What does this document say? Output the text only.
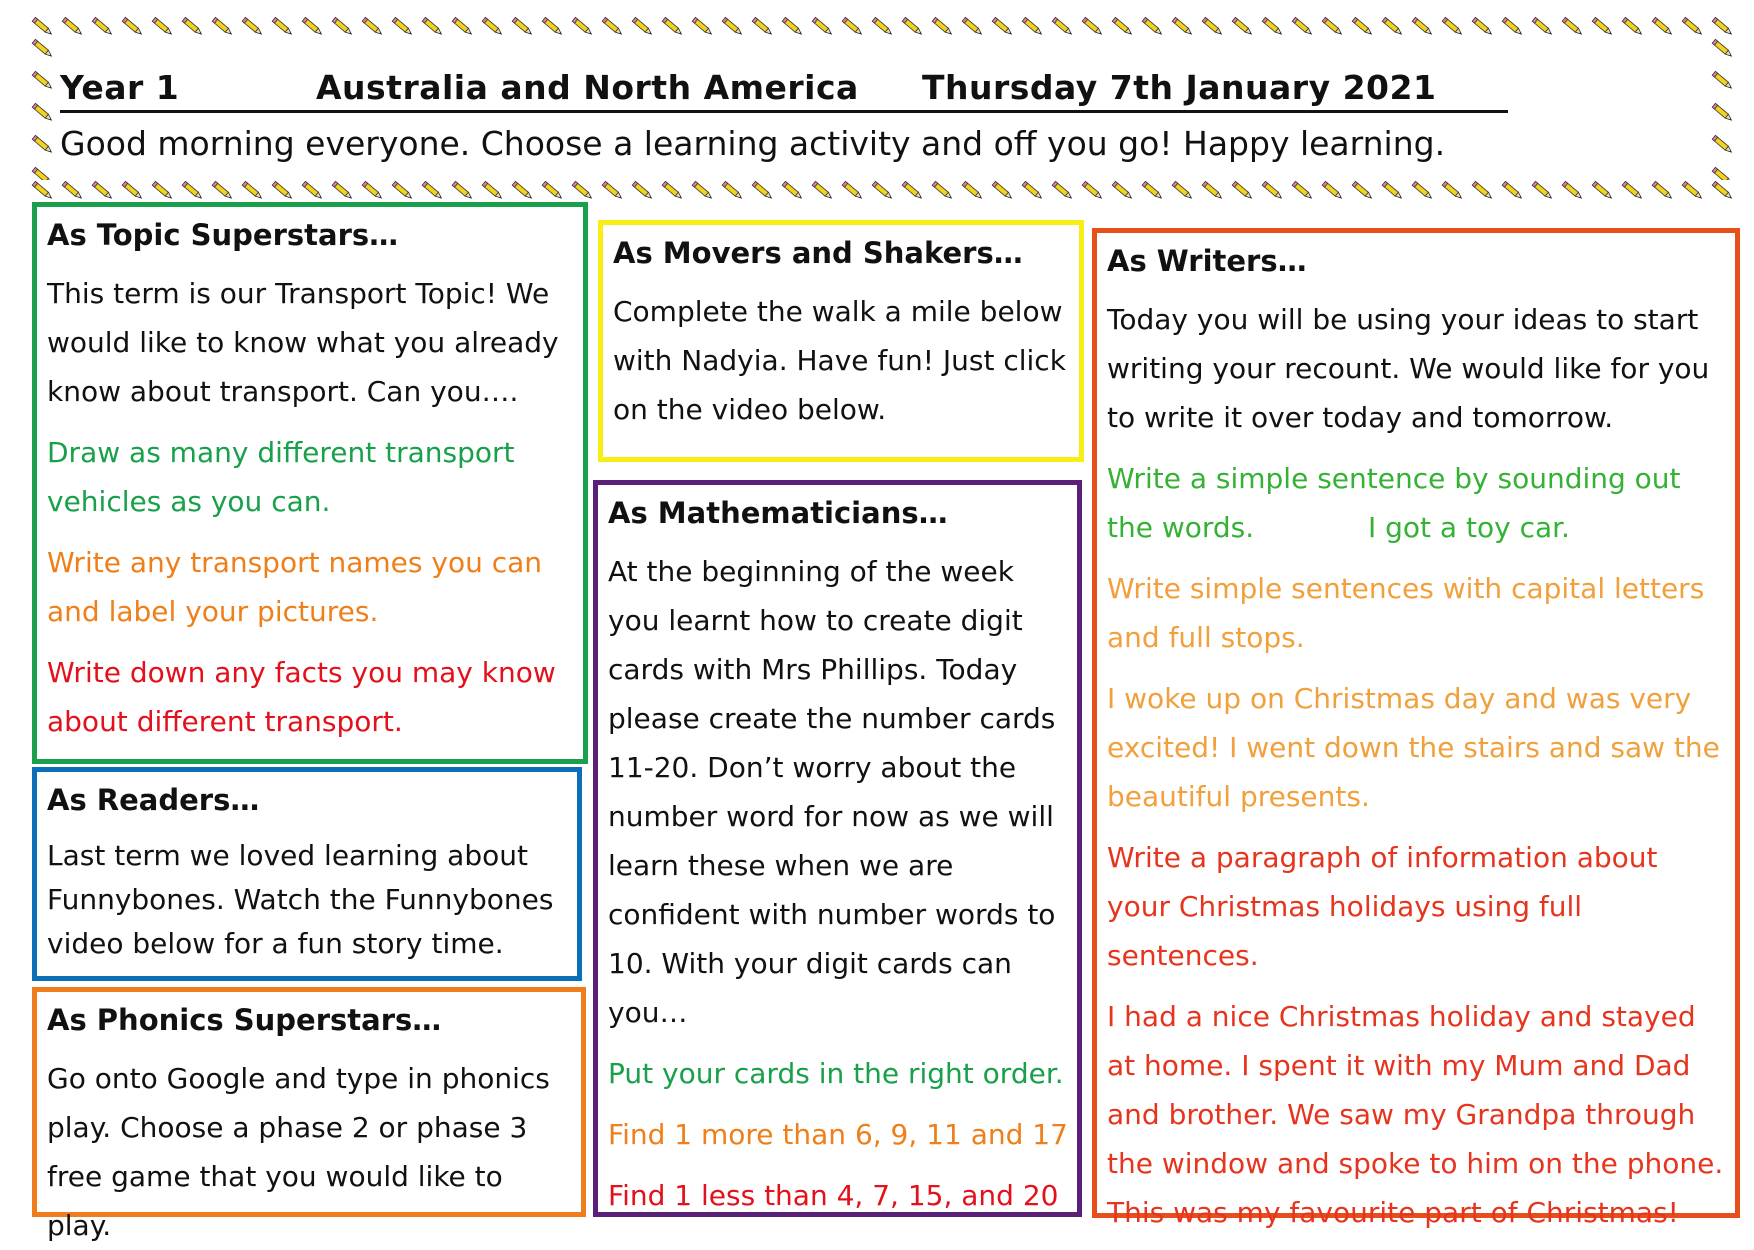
Year 1	Australia and North America Thursday 7th January 2021
Good morning everyone. Choose a learning activity and off you go! Happy learning.
As Topic Superstars…

This term is our Transport Topic! We would like to know what you already know about transport. Can you….

Draw as many different transport vehicles as you can.

Write any transport names you can and label your pictures.

Write down any facts you may know about different transport.

As Readers…

Last term we loved learning about Funnybones. Watch the Funnybones video below for a fun story time.

As Phonics Superstars…

Go onto Google and type in phonics play. Choose a phase 2 or phase 3 free game that you would like to play.

As Movers and Shakers…

Complete the walk a mile below with Nadyia. Have fun! Just click on the video below.

As Mathematicians…

At the beginning of the week you learnt how to create digit cards with Mrs Phillips. Today please create the number cards 11-20. Don’t worry about the number word for now as we will learn these when we are confident with number words to 10. With your digit cards can you…

Put your cards in the right order.

Find 1 more than 6, 9, 11 and 17

Find 1 less than 4, 7, 15, and 20

As Writers…

Today you will be using your ideas to start writing your recount. We would like for you to write it over today and tomorrow.

Write a simple sentence by sounding out the words.	I got a toy car.

Write simple sentences with capital letters and full stops.

I woke up on Christmas day and was very excited! I went down the stairs and saw the beautiful presents.

Write a paragraph of information about your Christmas holidays using full sentences.

I had a nice Christmas holiday and stayed at home. I spent it with my Mum and Dad and brother. We saw my Grandpa through the window and spoke to him on the phone. This was my favourite part of Christmas!
